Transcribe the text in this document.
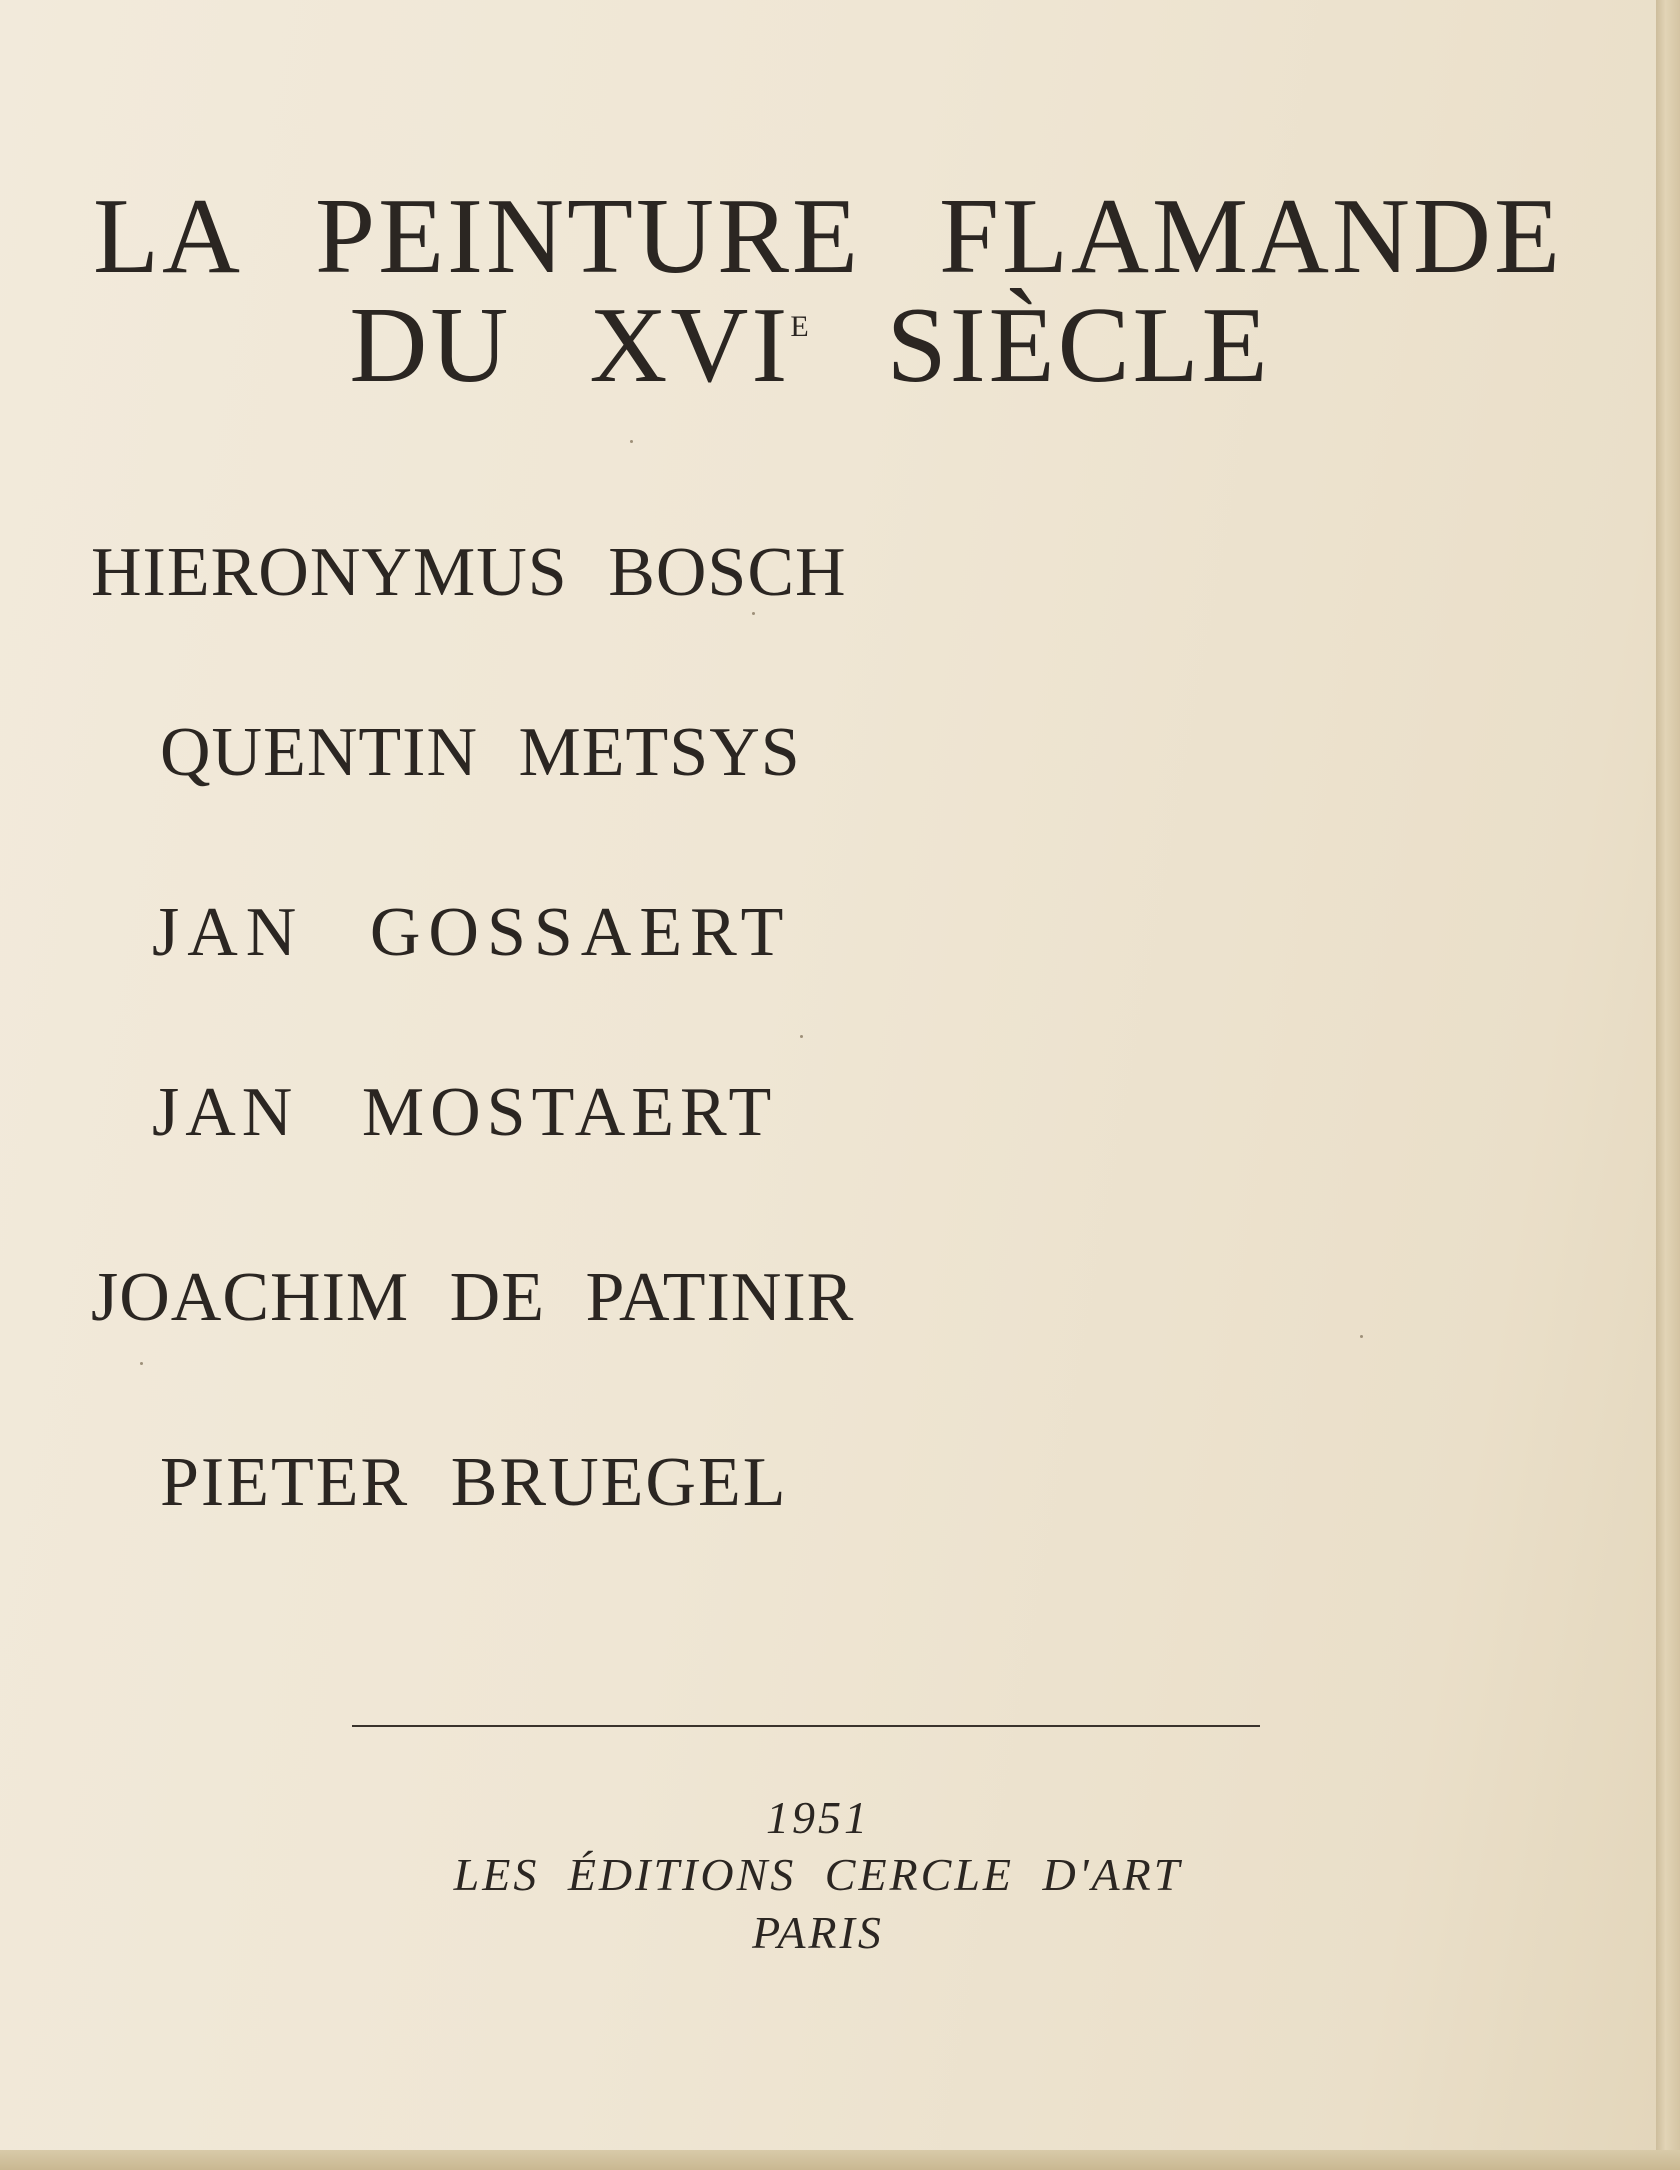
LA PEINTURE FLAMANDE
DU $XVI^E$ SIÈCLE
HIERONYMUS BOSCH
QUENTIN METSYS
JAN GOSSAERT
JAN MOSTAERT
JOACHIM DE PATINIR
PIETER BRUEGEL
1951
LES ÉDITIONS CERCLE D'ART
PARIS
